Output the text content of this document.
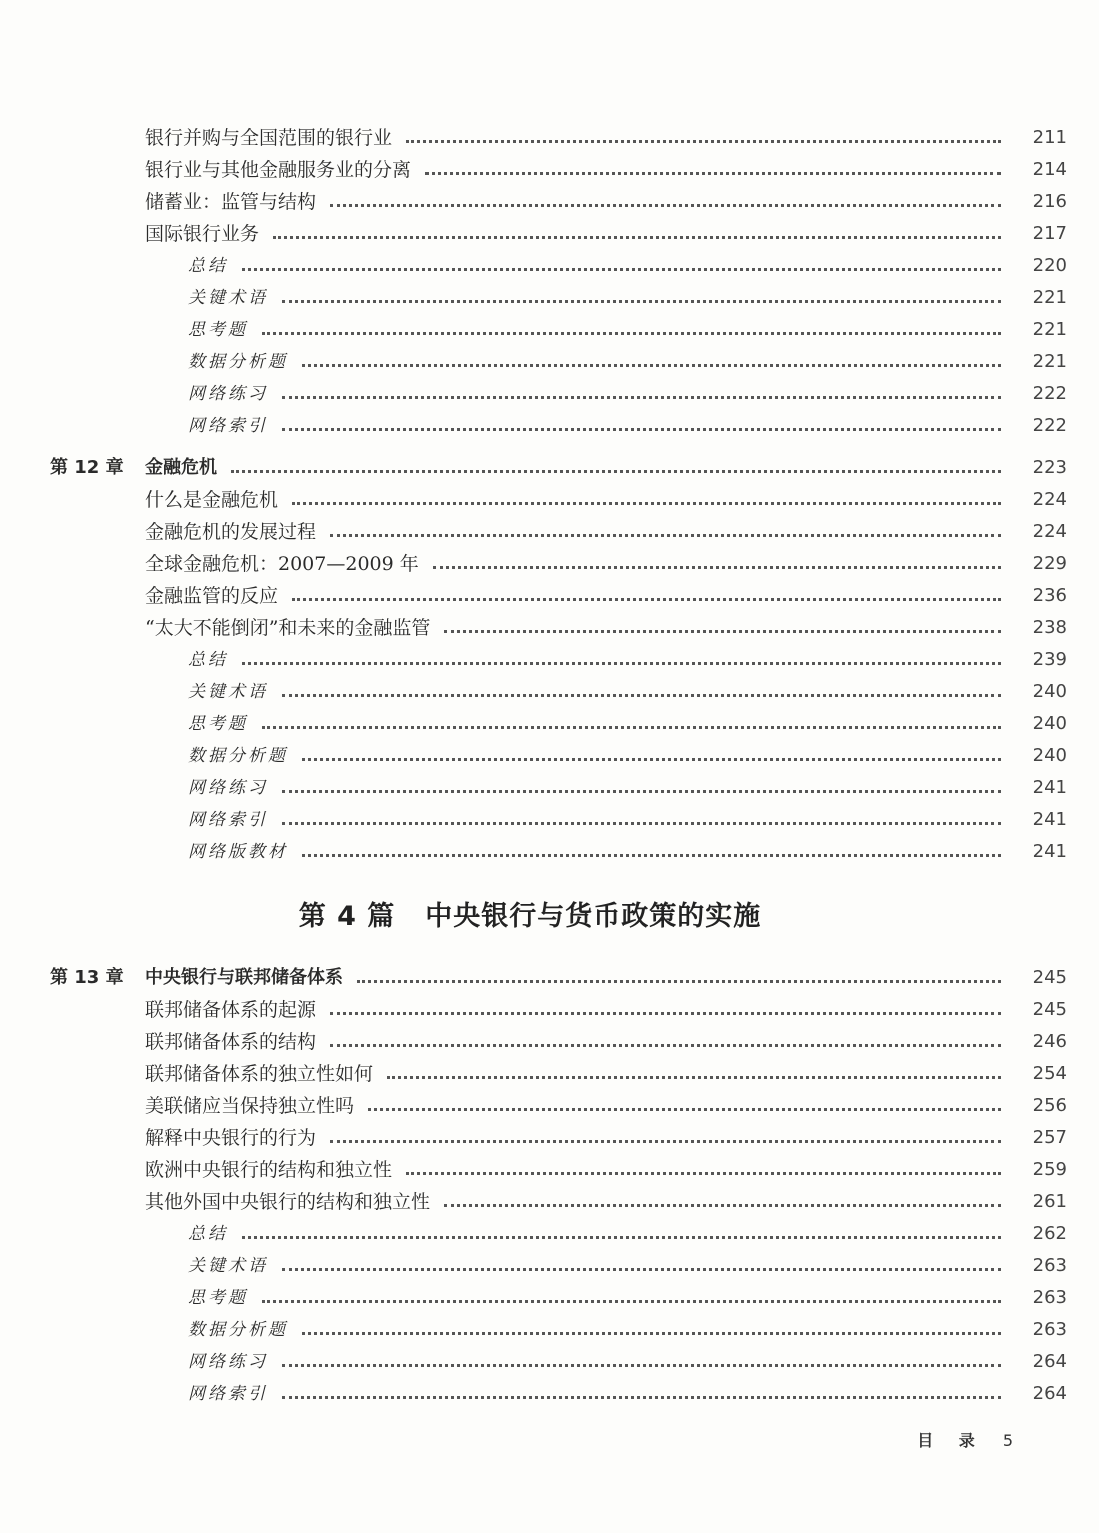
银行并购与全国范围的银行业	211
银行业与其他金融服务业的分离	214
储蓄业：监管与结构	216
国际银行业务	217
总结	220
关键术语	221
思考题	221
数据分析题	221
网络练习	222
网络索引	222
第 12 章 金融危机	223
什么是金融危机	224
金融危机的发展过程	224
全球金融危机：2007—2009 年	229
金融监管的反应	236
“太大不能倒闭”和未来的金融监管	238
总结	239
关键术语	240
思考题	240
数据分析题	240
网络练习	241
网络索引	241
网络版教材	241
第 13 章 中央银行与联邦储备体系	245
联邦储备体系的起源	245
联邦储备体系的结构	246
联邦储备体系的独立性如何	254
美联储应当保持独立性吗	256
解释中央银行的行为	257
欧洲中央银行的结构和独立性	259
其他外国中央银行的结构和独立性	261
总结	262
关键术语	263
思考题	263
数据分析题	263
网络练习	264
网络索引	264
第 4 篇 中央银行与货币政策的实施
目 录 5
